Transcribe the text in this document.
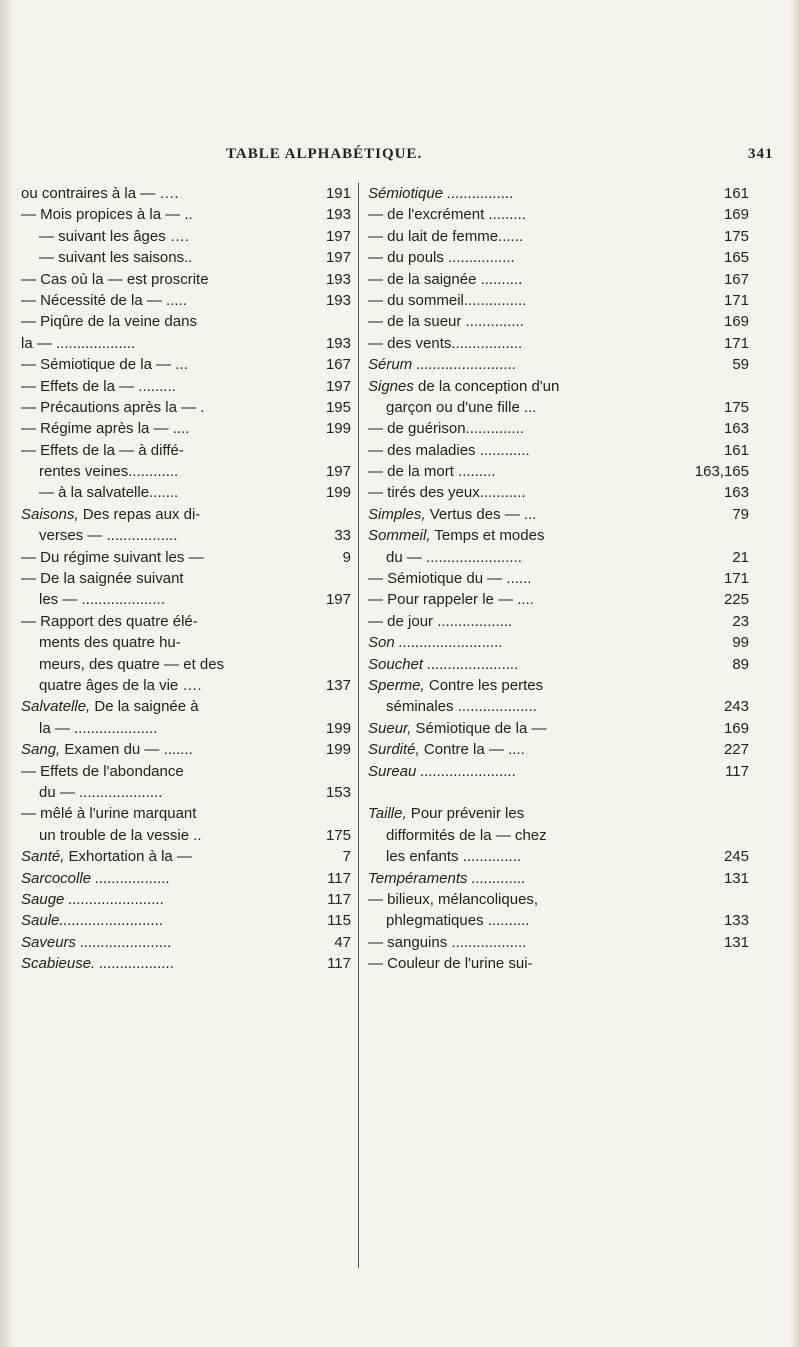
TABLE ALPHABÉTIQUE.	341
ou contraires à la — ….	191
— Mois propices à la — ..	193
— suivant les âges ….	197
— suivant les saisons..	197
— Cas où la — est proscrite	193
— Nécessité de la — .....	193
— Piqûre de la veine dans
la — ...................	193
— Sémiotique de la — ...	167
— Effets de la — .........	197
— Précautions après la — .	195
— Régime après la — ....	199
— Effets de la — à diffé-
rentes veines............	197
— à la salvatelle.......	199
Saisons, Des repas aux di-
verses — .................	33
— Du régime suivant les —	9
— De la saignée suivant
les — ....................	197
— Rapport des quatre élé-
ments des quatre hu-
meurs, des quatre — et des
quatre âges de la vie ….	137
Salvatelle, De la saignée à
la — ....................	199
Sang, Examen du — .......	199
— Effets de l'abondance
du — ....................	153
— mêlé à l'urine marquant
un trouble de la vessie ..	175
Santé, Exhortation à la —	7
Sarcocolle ..................	117
Sauge .......................	117
Saule.........................	115
Saveurs ......................	47
Scabieuse. ..................	117
Sémiotique ................	161
— de l'excrément .........	169
— du lait de femme......	175
— du pouls ................	165
— de la saignée ..........	167
— du sommeil...............	171
— de la sueur ..............	169
— des vents.................	171
Sérum ........................	59
Signes de la conception d'un
garçon ou d'une fille ...	175
— de guérison..............	163
— des maladies ............	161
— de la mort .........	163,165
— tirés des yeux...........	163
Simples, Vertus des — ...	79
Sommeil, Temps et modes
du — .......................	21
— Sémiotique du — ......	171
— Pour rappeler le — ....	225
— de jour ..................	23
Son .........................	99
Souchet ......................	89
Sperme, Contre les pertes
séminales ...................	243
Sueur, Sémiotique de la —	169
Surdité, Contre la — ....	227
Sureau .......................	117
Taille, Pour prévenir les
difformités de la — chez
les enfants ..............	245
Tempéraments .............	131
— bilieux, mélancoliques,
phlegmatiques ..........	133
— sanguins ..................	131
— Couleur de l'urine sui-
